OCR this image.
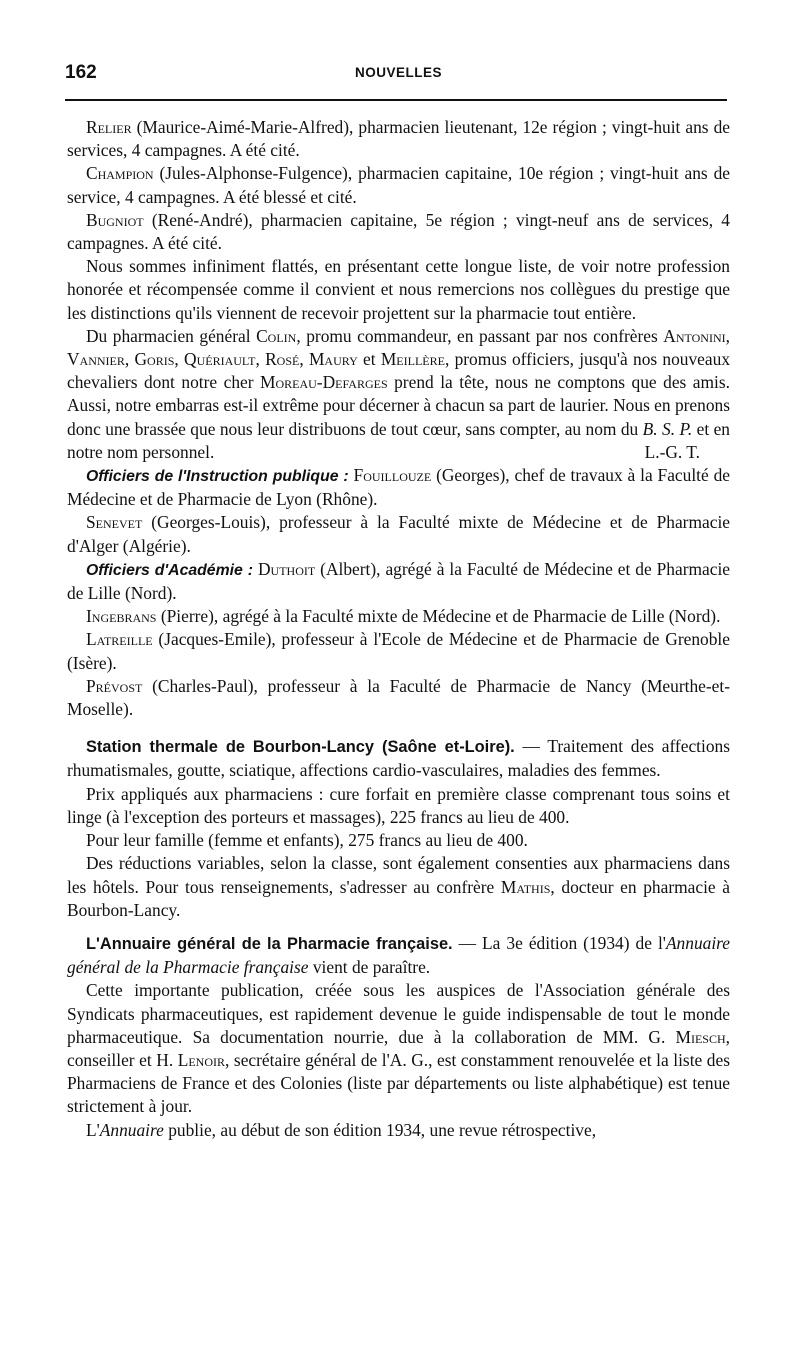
162	NOUVELLES

Relier (Maurice-Aimé-Marie-Alfred), pharmacien lieutenant, 12e région ; vingt-huit ans de services, 4 campagnes. A été cité.

Champion (Jules-Alphonse-Fulgence), pharmacien capitaine, 10e région ; vingt-huit ans de service, 4 campagnes. A été blessé et cité.

Bugniot (René-André), pharmacien capitaine, 5e région ; vingt-neuf ans de services, 4 campagnes. A été cité.

Nous sommes infiniment flattés, en présentant cette longue liste, de voir notre profession honorée et récompensée comme il convient et nous remercions nos collègues du prestige que les distinctions qu'ils viennent de recevoir projettent sur la pharmacie tout entière.

Du pharmacien général Colin, promu commandeur, en passant par nos confrères Antonini, Vannier, Goris, Quériault, Rosé, Maury et Meillère, promus officiers, jusqu'à nos nouveaux chevaliers dont notre cher Moreau-Defarges prend la tête, nous ne comptons que des amis. Aussi, notre embarras est-il extrême pour décerner à chacun sa part de laurier. Nous en prenons donc une brassée que nous leur distribuons de tout cœur, sans compter, au nom du B. S. P. et en notre nom personnel.	L.-G. T.

Officiers de l'Instruction publique : Fouillouze (Georges), chef de travaux à la Faculté de Médecine et de Pharmacie de Lyon (Rhône).

Senevet (Georges-Louis), professeur à la Faculté mixte de Médecine et de Pharmacie d'Alger (Algérie).

Officiers d'Académie : Duthoit (Albert), agrégé à la Faculté de Médecine et de Pharmacie de Lille (Nord).

Ingebrans (Pierre), agrégé à la Faculté mixte de Médecine et de Pharmacie de Lille (Nord).

Latreille (Jacques-Emile), professeur à l'Ecole de Médecine et de Pharmacie de Grenoble (Isère).

Prévost (Charles-Paul), professeur à la Faculté de Pharmacie de Nancy (Meurthe-et-Moselle).

Station thermale de Bourbon-Lancy (Saône et-Loire). — Traitement des affections rhumatismales, goutte, sciatique, affections cardio-vasculaires, maladies des femmes.

Prix appliqués aux pharmaciens : cure forfait en première classe comprenant tous soins et linge (à l'exception des porteurs et massages), 225 francs au lieu de 400.

Pour leur famille (femme et enfants), 275 francs au lieu de 400.

Des réductions variables, selon la classe, sont également consenties aux pharmaciens dans les hôtels. Pour tous renseignements, s'adresser au confrère Mathis, docteur en pharmacie à Bourbon-Lancy.

L'Annuaire général de la Pharmacie française. — La 3e édition (1934) de l'Annuaire général de la Pharmacie française vient de paraître.

Cette importante publication, créée sous les auspices de l'Association générale des Syndicats pharmaceutiques, est rapidement devenue le guide indispensable de tout le monde pharmaceutique. Sa documentation nourrie, due à la collaboration de MM. G. Miesch, conseiller et H. Lenoir, secrétaire général de l'A. G., est constamment renouvelée et la liste des Pharmaciens de France et des Colonies (liste par départements ou liste alphabétique) est tenue strictement à jour.

L'Annuaire publie, au début de son édition 1934, une revue rétrospective,
